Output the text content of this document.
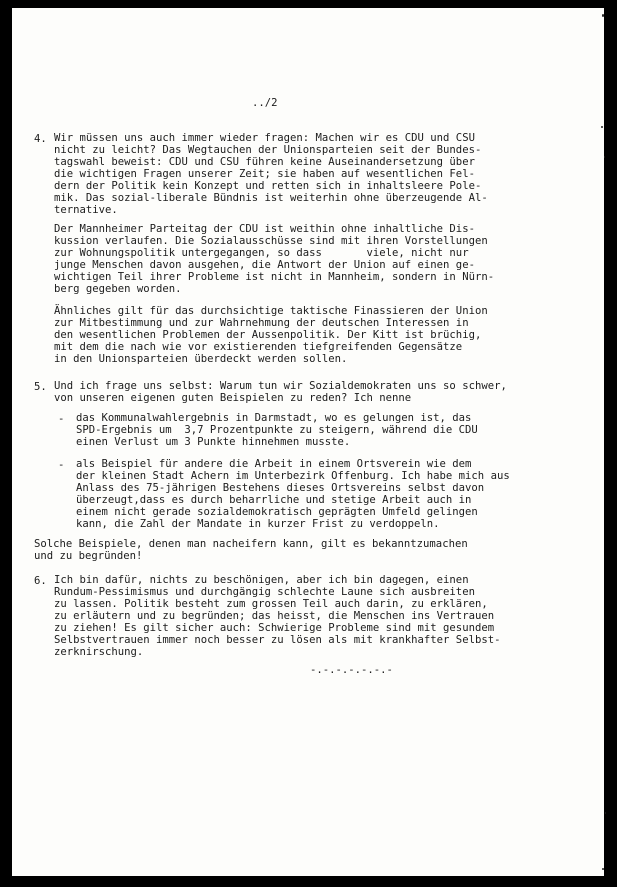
../2
4. Wir müssen uns auch immer wieder fragen: Machen wir es CDU und CSU
nicht zu leicht? Das Wegtauchen der Unionsparteien seit der Bundes-
tagswahl beweist: CDU und CSU führen keine Auseinandersetzung über
die wichtigen Fragen unserer Zeit; sie haben auf wesentlichen Fel-
dern der Politik kein Konzept und retten sich in inhaltsleere Pole-
mik. Das sozial-liberale Bündnis ist weiterhin ohne überzeugende Al-
ternative.
Der Mannheimer Parteitag der CDU ist weithin ohne inhaltliche Dis-
kussion verlaufen. Die Sozialausschüsse sind mit ihren Vorstellungen
zur Wohnungspolitik untergegangen, so dass       viele, nicht nur
junge Menschen davon ausgehen, die Antwort der Union auf einen ge-
wichtigen Teil ihrer Probleme ist nicht in Mannheim, sondern in Nürn-
berg gegeben worden.
Ähnliches gilt für das durchsichtige taktische Finassieren der Union
zur Mitbestimmung und zur Wahrnehmung der deutschen Interessen in
den wesentlichen Problemen der Aussenpolitik. Der Kitt ist brüchig,
mit dem die nach wie vor existierenden tiefgreifenden Gegensätze
in den Unionsparteien überdeckt werden sollen.
5. Und ich frage uns selbst: Warum tun wir Sozialdemokraten uns so schwer,
von unseren eigenen guten Beispielen zu reden? Ich nenne
- das Kommunalwahlergebnis in Darmstadt, wo es gelungen ist, das
SPD-Ergebnis um  3,7 Prozentpunkte zu steigern, während die CDU
einen Verlust um 3 Punkte hinnehmen musste.
- als Beispiel für andere die Arbeit in einem Ortsverein wie dem
der kleinen Stadt Achern im Unterbezirk Offenburg. Ich habe mich aus
Anlass des 75-jährigen Bestehens dieses Ortsvereins selbst davon
überzeugt,dass es durch beharrliche und stetige Arbeit auch in
einem nicht gerade sozialdemokratisch geprägten Umfeld gelingen
kann, die Zahl der Mandate in kurzer Frist zu verdoppeln.
Solche Beispiele, denen man nacheifern kann, gilt es bekanntzumachen
und zu begründen!
6. Ich bin dafür, nichts zu beschönigen, aber ich bin dagegen, einen
Rundum-Pessimismus und durchgängig schlechte Laune sich ausbreiten
zu lassen. Politik besteht zum grossen Teil auch darin, zu erklären,
zu erläutern und zu begründen; das heisst, die Menschen ins Vertrauen
zu ziehen! Es gilt sicher auch: Schwierige Probleme sind mit gesundem
Selbstvertrauen immer noch besser zu lösen als mit krankhafter Selbst-
zerknirschung.
-.-.-.-.-.-.-
